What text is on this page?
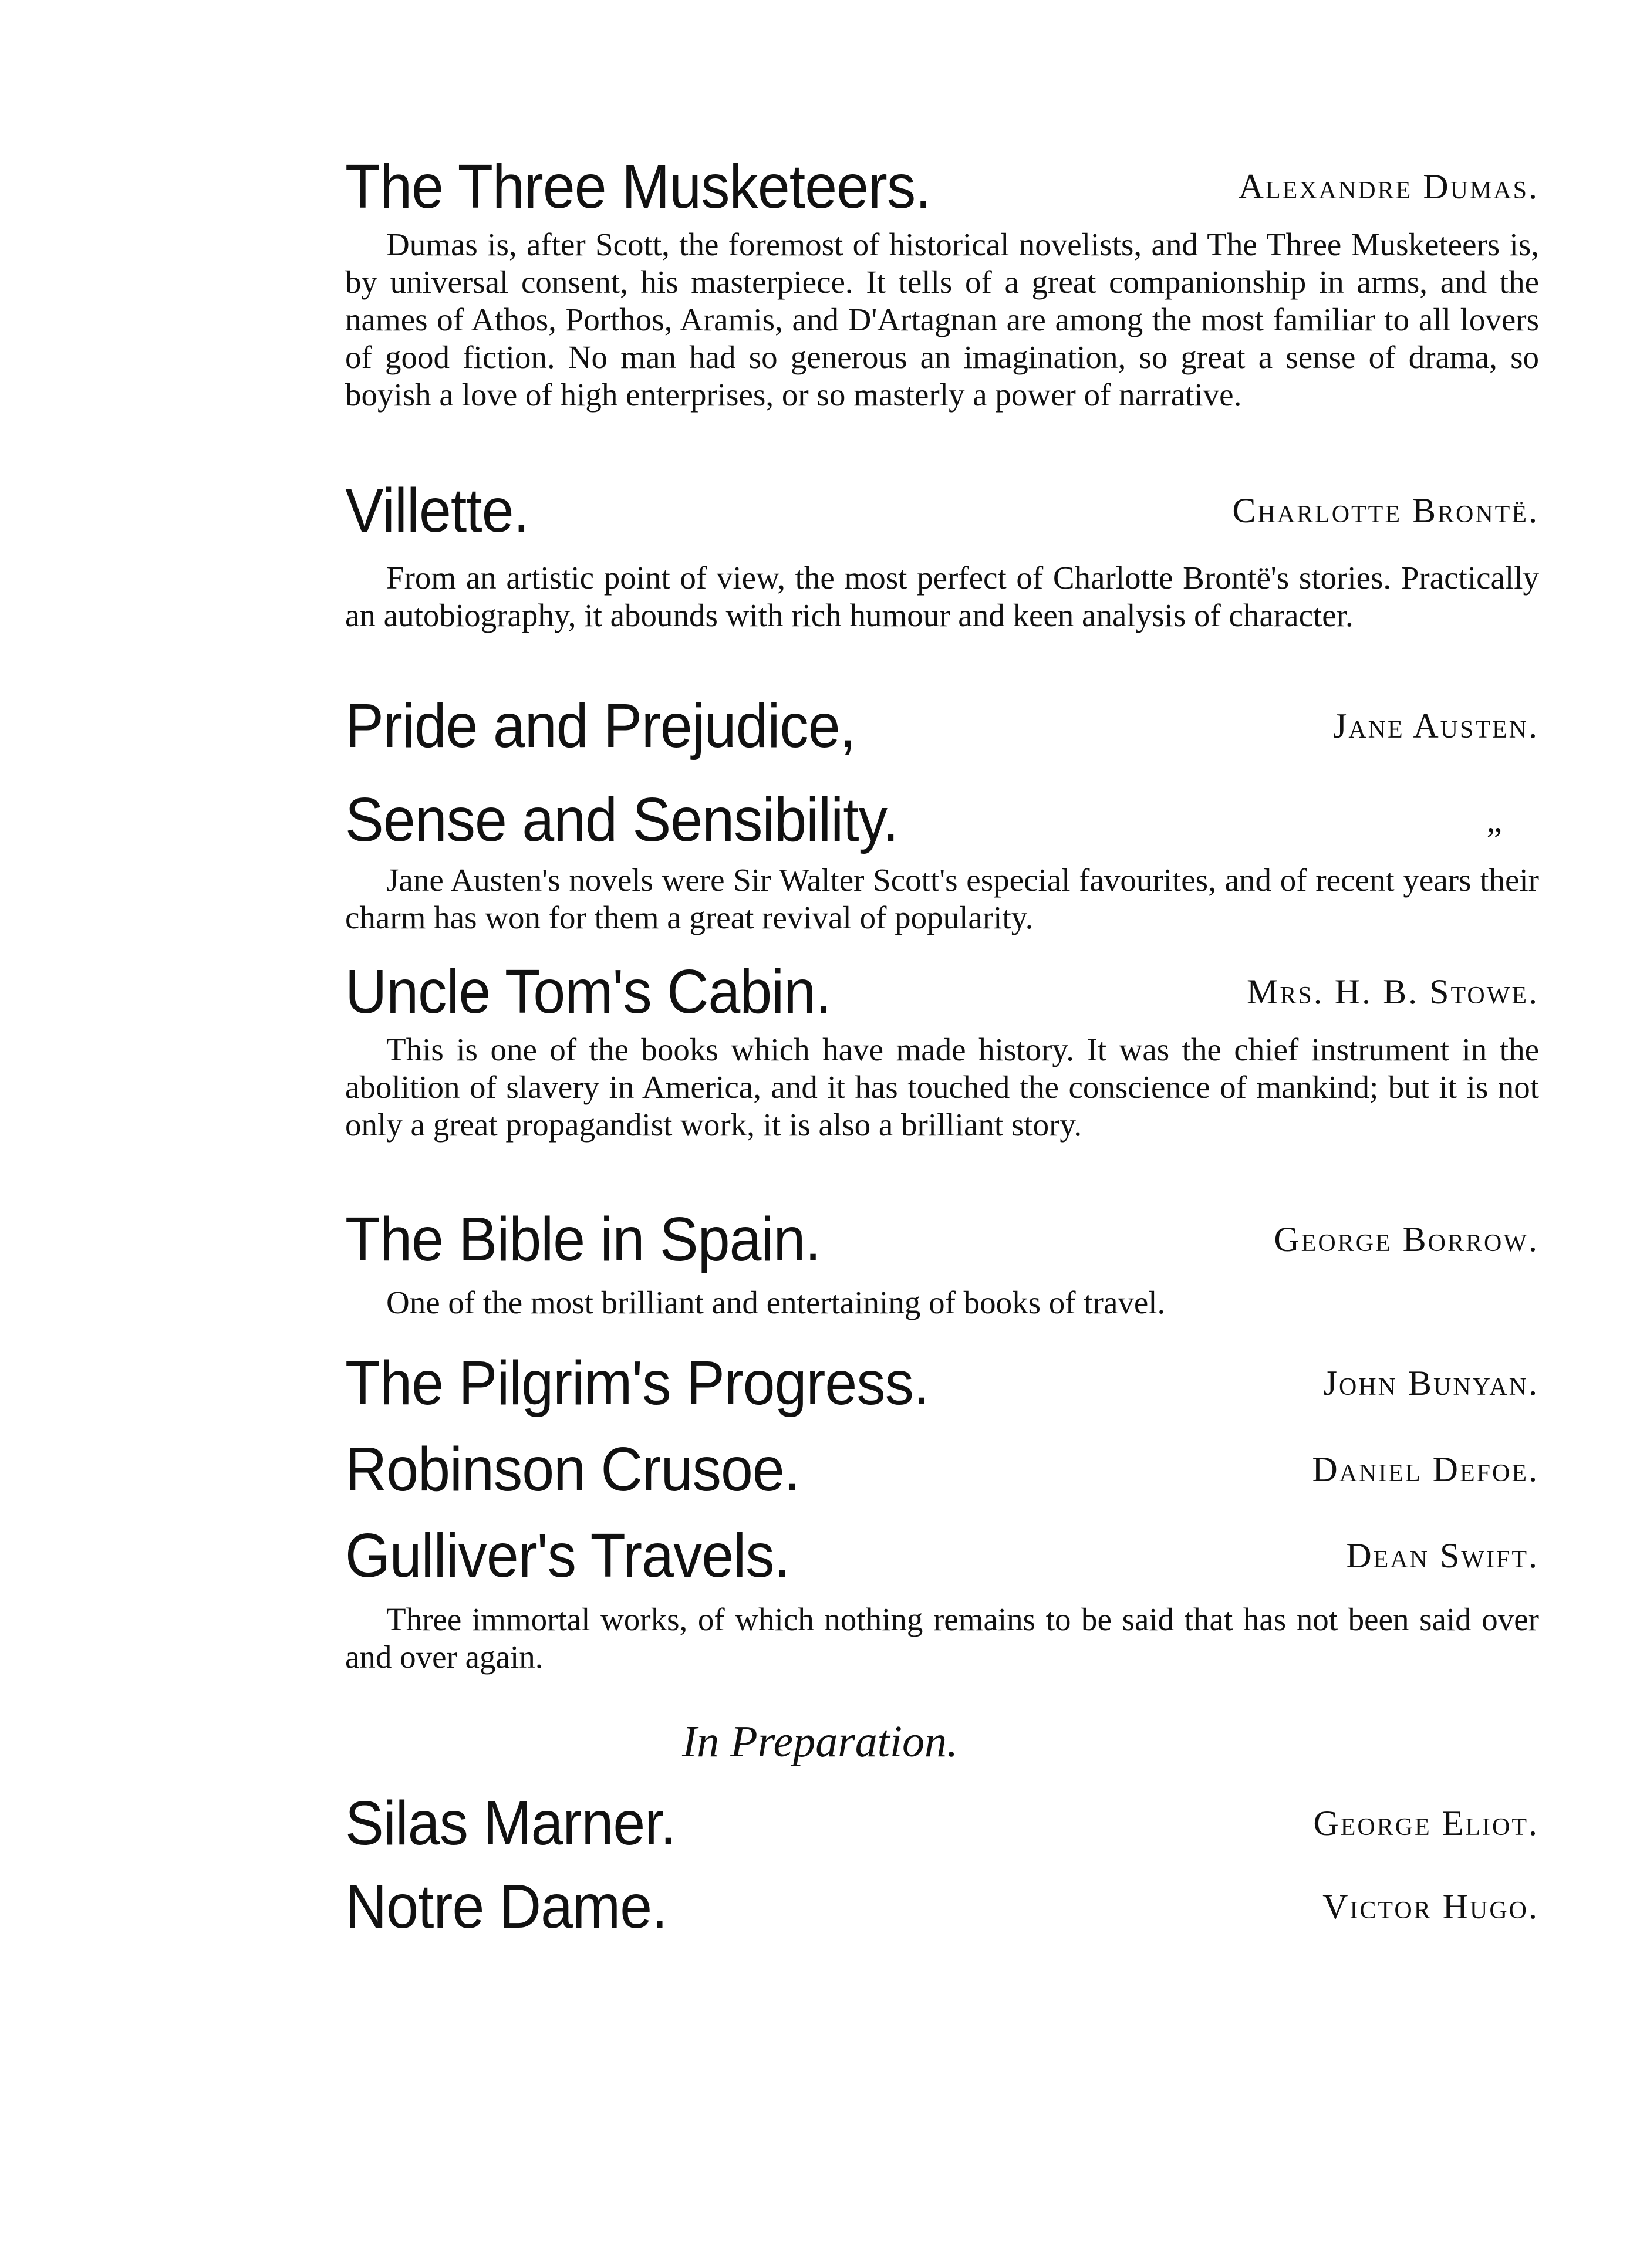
The Three Musketeers.	Alexandre Dumas.

Dumas is, after Scott, the foremost of historical novelists, and The Three Musketeers is, by universal consent, his masterpiece. It tells of a great companionship in arms, and the names of Athos, Porthos, Aramis, and D'Artagnan are among the most familiar to all lovers of good fiction. No man had so generous an imagination, so great a sense of drama, so boyish a love of high enterprises, or so masterly a power of narrative.

Villette.	Charlotte Brontë.

From an artistic point of view, the most perfect of Charlotte Brontë's stories. Practically an autobiography, it abounds with rich humour and keen analysis of character.

Pride and Prejudice,	Jane Austen.
Sense and Sensibility.	„

Jane Austen's novels were Sir Walter Scott's especial favourites, and of recent years their charm has won for them a great revival of popularity.

Uncle Tom's Cabin.	Mrs. H. B. Stowe.

This is one of the books which have made history. It was the chief instrument in the abolition of slavery in America, and it has touched the conscience of mankind; but it is not only a great propagandist work, it is also a brilliant story.

The Bible in Spain.	George Borrow.

One of the most brilliant and entertaining of books of travel.

The Pilgrim's Progress.	John Bunyan.
Robinson Crusoe.	Daniel Defoe.
Gulliver's Travels.	Dean Swift.

Three immortal works, of which nothing remains to be said that has not been said over and over again.

In Preparation.
Silas Marner.	George Eliot.
Notre Dame.	Victor Hugo.
